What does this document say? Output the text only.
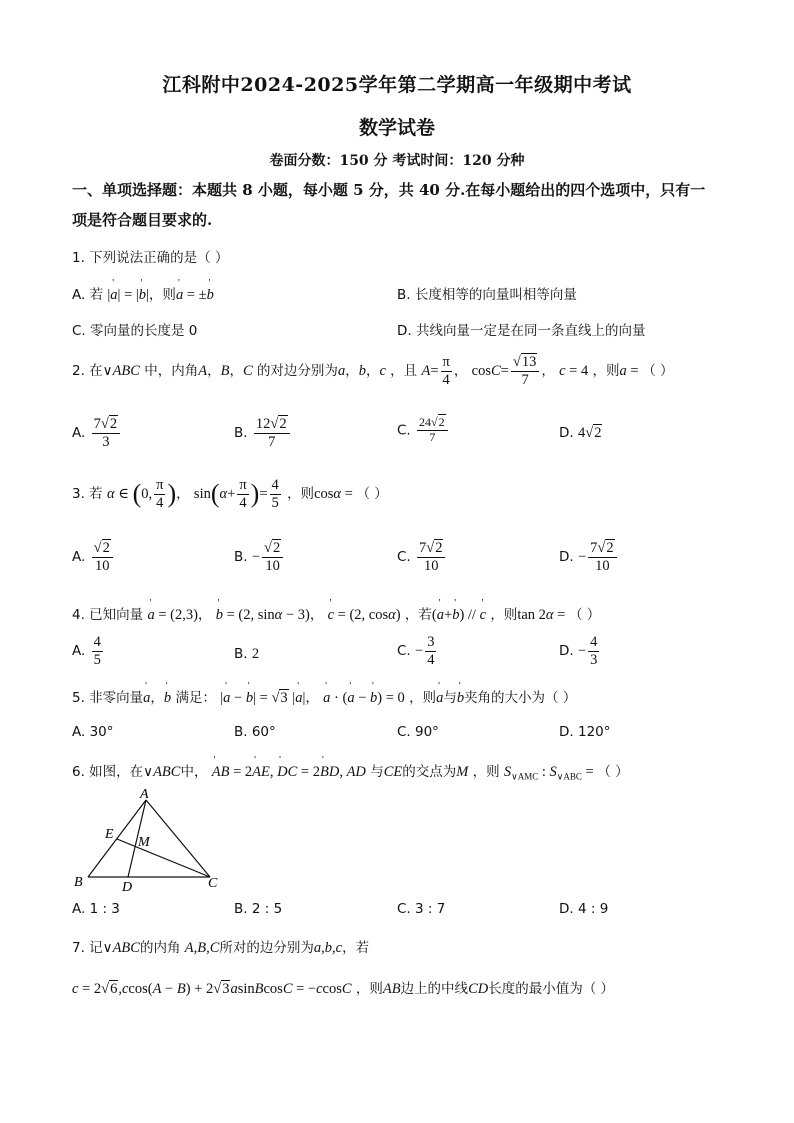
江科附中2024-2025学年第二学期高一年级期中考试
数学试卷
卷面分数：150 分 考试时间：120 分种
一、单项选择题：本题共 8 小题，每小题 5 分，共 40 分.在每小题给出的四个选项中，只有一
项是符合题目要求的.
1. 下列说法正确的是（ ）
A. 若 |' a| = |' b|，则' a = ±' b	B. 长度相等的向量叫相等向量
C. 零向量的长度是 0	D. 共线向量一定是在同一条直线上的向量
2. 在∨ABC 中，内角A，B，C 的对边分别为a，b，c ，且 $A= \frac{\pi}{4}$ ， $\cos C= \frac{√13}{7}$ ， c = 4 ，则a = （ ）
A. $\frac{7√2}{3}$	B. $\frac{12√2}{7}$	C. $\frac{24√2}{7}$	D. 4√2
3. 若 α ∈ (0, $\frac{\pi}{4}$ )， $\sin(\alpha+ \frac{\pi}{4}$ )= $\frac{4}{5}$ ，则cosα = （ ）
A. $\frac{√2}{10}$	B. − $\frac{√2}{10}$	C. $\frac{7√2}{10}$	D. − $\frac{7√2}{10}$
4. 已知向量 ' a = (2,3)， ' b = (2, sinα − 3)， ' c = (2, cosα) ，若(' a+' b) // ' c ，则tan 2α = （ ）
A. $\frac{4}{5}$	B. 2	C. − $\frac{3}{4}$	D. − $\frac{4}{3}$
5. 非零向量' a，' b 满足： |' a − ' b| = √3 |' a|， ' a · (' a − ' b) = 0 ，则' a与' b夹角的大小为（ ）
A. 30°	B. 60°	C. 90°	D. 120°
6. 如图，在∨ABC中， ' AB = 2' AE, ' DC = 2' BD, AD 与CE的交点为M ，则 $S_{\vee AMC}$ : $S_{\vee ABC}$ = （ ）
A
E
M
B	D	C
A. 1 : 3	B. 2 : 5	C. 3 : 7	D. 4 : 9
7. 记∨ABC的内角 A,B,C所对的边分别为a,b,c，若
c = 2√6,ccos(A − B) + 2√3asinBcosC = −ccosC ，则AB边上的中线CD长度的最小值为（ ）
